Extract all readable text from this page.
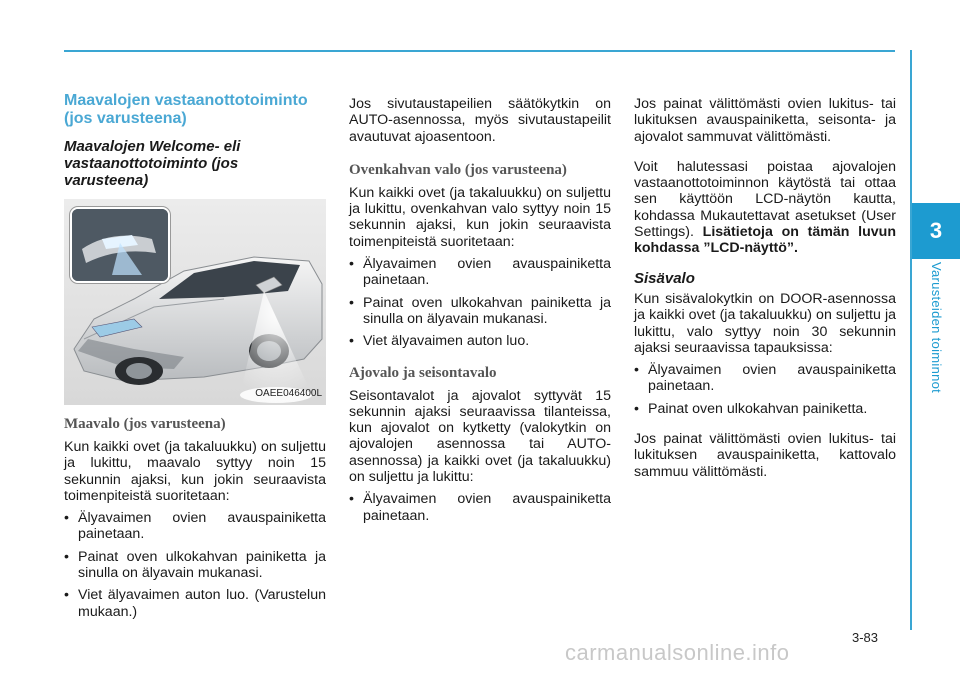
3
Varusteiden toiminnot
Maavalojen vastaanottotoiminto (jos varusteena)
Maavalojen Welcome- eli vastaanottotoiminto (jos varusteena)
OAEE046400L
Maavalo (jos varusteena)

Kun kaikki ovet (ja takaluukku) on suljettu ja lukittu, maavalo syttyy noin 15 sekunnin ajaksi, kun jokin seuraavista toimenpiteistä suoritetaan:

• Älyavaimen ovien avauspainiketta painetaan.
• Painat oven ulkokahvan painiketta ja sinulla on älyavain mukanasi.
• Viet älyavaimen auton luo. (Varustelun mukaan.)

Jos sivutaustapeilien säätökytkin on AUTO-asennossa, myös sivutaustapeilit avautuvat ajoasentoon.

Ovenkahvan valo (jos varusteena)

Kun kaikki ovet (ja takaluukku) on suljettu ja lukittu, ovenkahvan valo syttyy noin 15 sekunnin ajaksi, kun jokin seuraavista toimenpiteistä suoritetaan:

• Älyavaimen ovien avauspainiketta painetaan.
• Painat oven ulkokahvan painiketta ja sinulla on älyavain mukanasi.
• Viet älyavaimen auton luo.
Ajovalo ja seisontavalo

Seisontavalot ja ajovalot syttyvät 15 sekunnin ajaksi seuraavissa tilanteissa, kun ajovalot on kytketty (valokytkin on ajovalojen asennossa tai AUTO-asennossa) ja kaikki ovet (ja takaluukku) on suljettu ja lukittu:

• Älyavaimen ovien avauspainiketta painetaan.

Jos painat välittömästi ovien lukitus- tai lukituksen avauspainiketta, seisonta- ja ajovalot sammuvat välittömästi.

Voit halutessasi poistaa ajovalojen vastaanottotoiminnon käytöstä tai ottaa sen käyttöön LCD-näytön kautta, kohdassa Mukautettavat asetukset (User Settings). Lisätietoja on tämän luvun kohdassa ”LCD-näyttö”.

Sisävalo

Kun sisävalokytkin on DOOR-asennossa ja kaikki ovet (ja takaluukku) on suljettu ja lukittu, valo syttyy noin 30 sekunnin ajaksi seuraavissa tapauksissa:

• Älyavaimen ovien avauspainiketta painetaan.
• Painat oven ulkokahvan painiketta.

Jos painat välittömästi ovien lukitus- tai lukituksen avauspainiketta, kattovalo sammuu välittömästi.

3-83
carmanualsonline.info
